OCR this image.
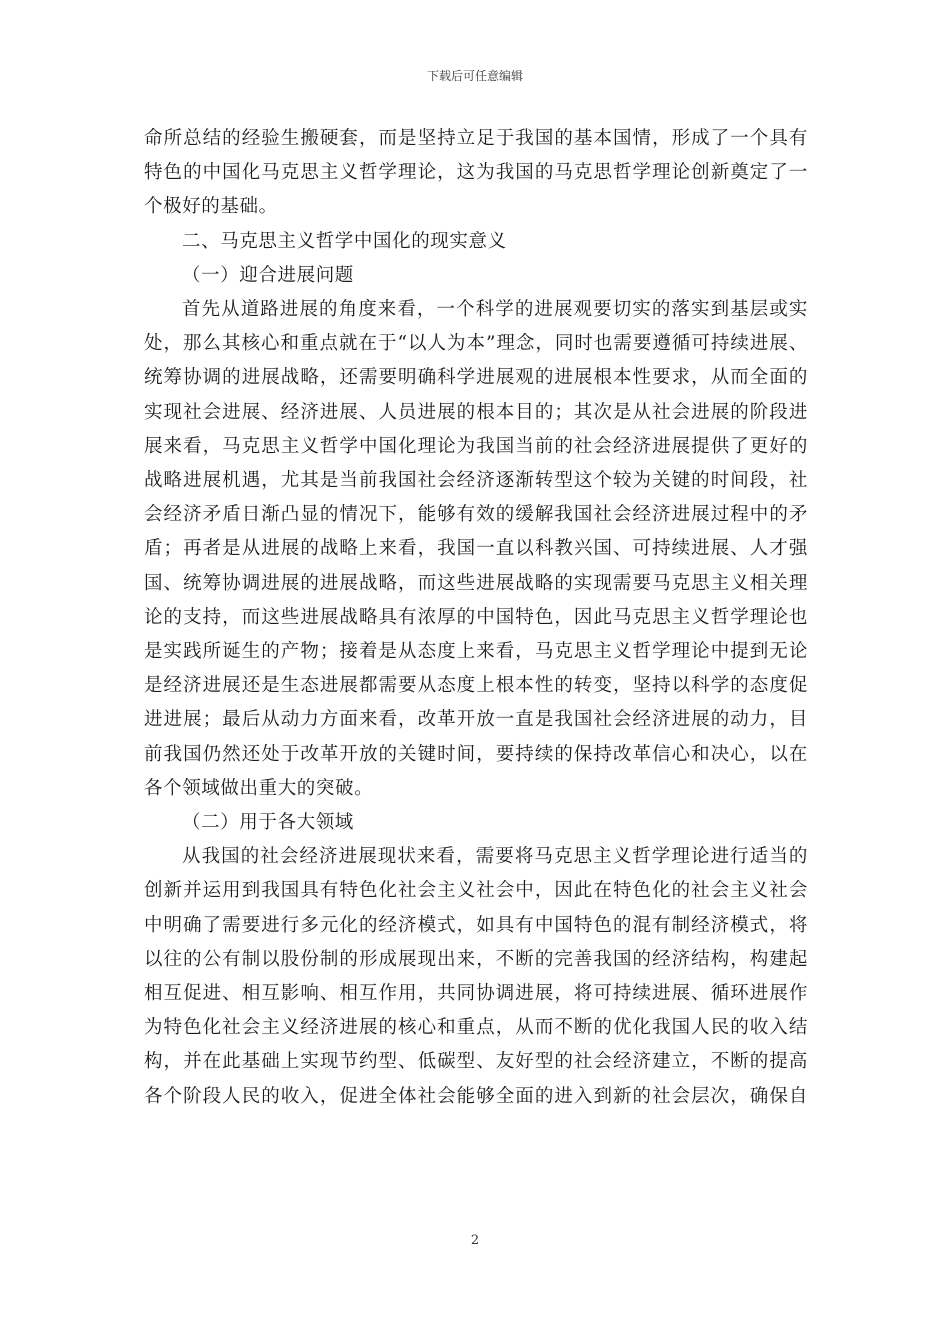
下载后可任意编辑

命所总结的经验生搬硬套，而是坚持立足于我国的基本国情，形成了一个具有特色的中国化马克思主义哲学理论，这为我国的马克思哲学理论创新奠定了一个极好的基础。

二、马克思主义哲学中国化的现实意义

（一）迎合进展问题

首先从道路进展的角度来看，一个科学的进展观要切实的落实到基层或实处，那么其核心和重点就在于“以人为本”理念，同时也需要遵循可持续进展、统筹协调的进展战略，还需要明确科学进展观的进展根本性要求，从而全面的实现社会进展、经济进展、人员进展的根本目的；其次是从社会进展的阶段进展来看，马克思主义哲学中国化理论为我国当前的社会经济进展提供了更好的战略进展机遇，尤其是当前我国社会经济逐渐转型这个较为关键的时间段，社会经济矛盾日渐凸显的情况下，能够有效的缓解我国社会经济进展过程中的矛盾；再者是从进展的战略上来看，我国一直以科教兴国、可持续进展、人才强国、统筹协调进展的进展战略，而这些进展战略的实现需要马克思主义相关理论的支持，而这些进展战略具有浓厚的中国特色，因此马克思主义哲学理论也是实践所诞生的产物；接着是从态度上来看，马克思主义哲学理论中提到无论是经济进展还是生态进展都需要从态度上根本性的转变，坚持以科学的态度促进进展；最后从动力方面来看，改革开放一直是我国社会经济进展的动力，目前我国仍然还处于改革开放的关键时间，要持续的保持改革信心和决心，以在各个领域做出重大的突破。

（二）用于各大领域

从我国的社会经济进展现状来看，需要将马克思主义哲学理论进行适当的创新并运用到我国具有特色化社会主义社会中，因此在特色化的社会主义社会中明确了需要进行多元化的经济模式，如具有中国特色的混有制经济模式，将以往的公有制以股份制的形成展现出来，不断的完善我国的经济结构，构建起相互促进、相互影响、相互作用，共同协调进展，将可持续进展、循环进展作为特色化社会主义经济进展的核心和重点，从而不断的优化我国人民的收入结构，并在此基础上实现节约型、低碳型、友好型的社会经济建立，不断的提高各个阶段人民的收入，促进全体社会能够全面的进入到新的社会层次，确保自

2
